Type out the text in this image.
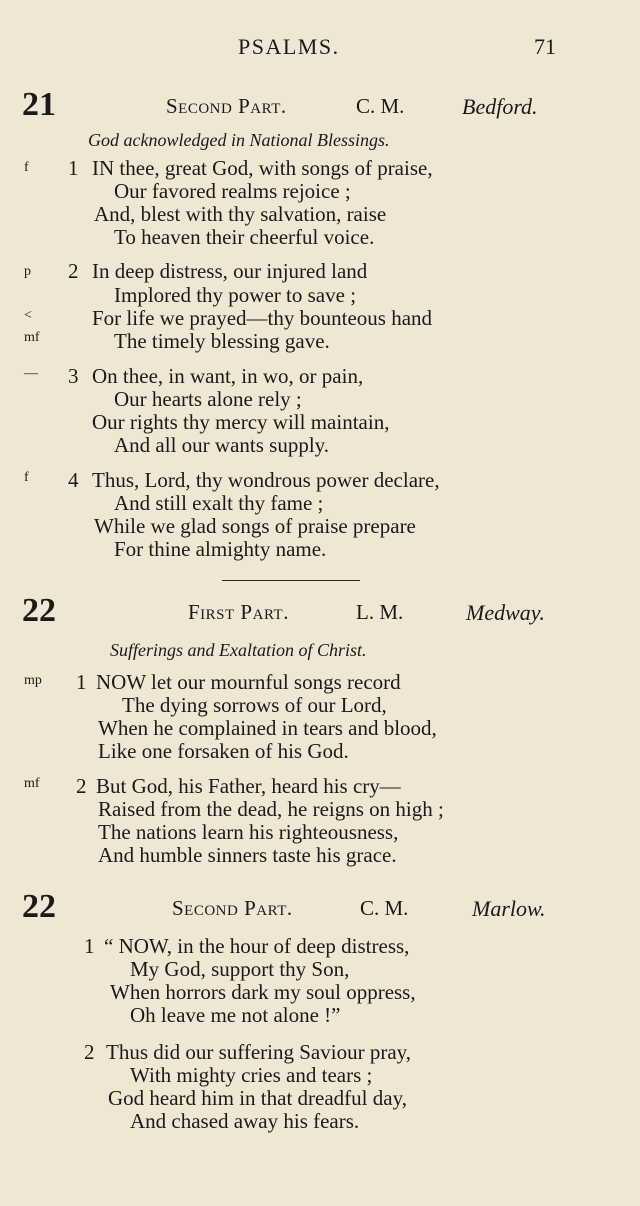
PSALMS.	71
21	Second Part.	C. M.	Bedford.
God acknowledged in National Blessings.
f 1 IN thee, great God, with songs of praise,
Our favored realms rejoice ;
And, blest with thy salvation, raise
To heaven their cheerful voice.
p
<
mf
2 In deep distress, our injured land
Implored thy power to save ;
For life we prayed—thy bounteous hand
The timely blessing gave.
— 3 On thee, in want, in wo, or pain,
Our hearts alone rely ;
Our rights thy mercy will maintain,
And all our wants supply.
f 4 Thus, Lord, thy wondrous power declare,
And still exalt thy fame ;
While we glad songs of praise prepare
For thine almighty name.
22	First Part.	L. M.	Medway.
Sufferings and Exaltation of Christ.
mp 1 NOW let our mournful songs record
The dying sorrows of our Lord,
When he complained in tears and blood,
Like one forsaken of his God.
mf 2 But God, his Father, heard his cry—
Raised from the dead, he reigns on high ;
The nations learn his righteousness,
And humble sinners taste his grace.
22	Second Part.	C. M.	Marlow.
1 “ NOW, in the hour of deep distress,
My God, support thy Son,
When horrors dark my soul oppress,
Oh leave me not alone !”
2 Thus did our suffering Saviour pray,
With mighty cries and tears ;
God heard him in that dreadful day,
And chased away his fears.
